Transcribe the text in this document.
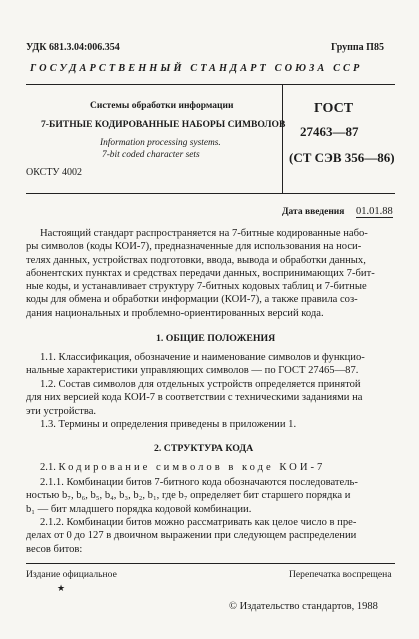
УДК 681.3.04:006.354	Группа П85
ГОСУДАРСТВЕННЫЙ СТАНДАРТ СОЮЗА ССР
Системы обработки информации
7-БИТНЫЕ КОДИРОВАННЫЕ НАБОРЫ СИМВОЛОВ
Information processing systems.
7-bit coded character sets
ОКСТУ 4002
ГОСТ
27463—87
(СТ СЭВ 356—86)
Дата введения 01.01.88
Настоящий стандарт распространяется на 7-битные кодированные набо-
ры символов (коды КОИ-7), предназначенные для использования на носи-
телях данных, устройствах подготовки, ввода, вывода и обработки данных,
абонентских пунктах и средствах передачи данных, воспринимающих 7-бит-
ные коды, и устанавливает структуру 7-битных кодовых таблиц и 7-битные
коды для обмена и обработки информации (КОИ-7), а также правила соз-
дания национальных и проблемно-ориентированных версий кода.
1. ОБЩИЕ ПОЛОЖЕНИЯ
1.1. Классификация, обозначение и наименование символов и функцио-
нальные характеристики управляющих символов — по ГОСТ 27465—87.
1.2. Состав символов для отдельных устройств определяется принятой
для них версией кода КОИ-7 в соответствии с техническими заданиями на
эти устройства.
1.3. Термины и определения приведены в приложении 1.
2. СТРУКТУРА КОДА
2.1. Кодирование символов в коде КОИ-7
2.1.1. Комбинации битов 7-битного кода обозначаются последователь-
ностью b₇, b₆, b₅, b₄, b₃, b₂, b₁, где b₇ определяет бит старшего порядка и
b₁ — бит младшего порядка кодовой комбинации.
2.1.2. Комбинации битов можно рассматривать как целое число в пре-
делах от 0 до 127 в двоичном выражении при следующем распределении
весов битов:
Издание официальное
★
Перепечатка воспрещена
© Издательство стандартов, 1988
